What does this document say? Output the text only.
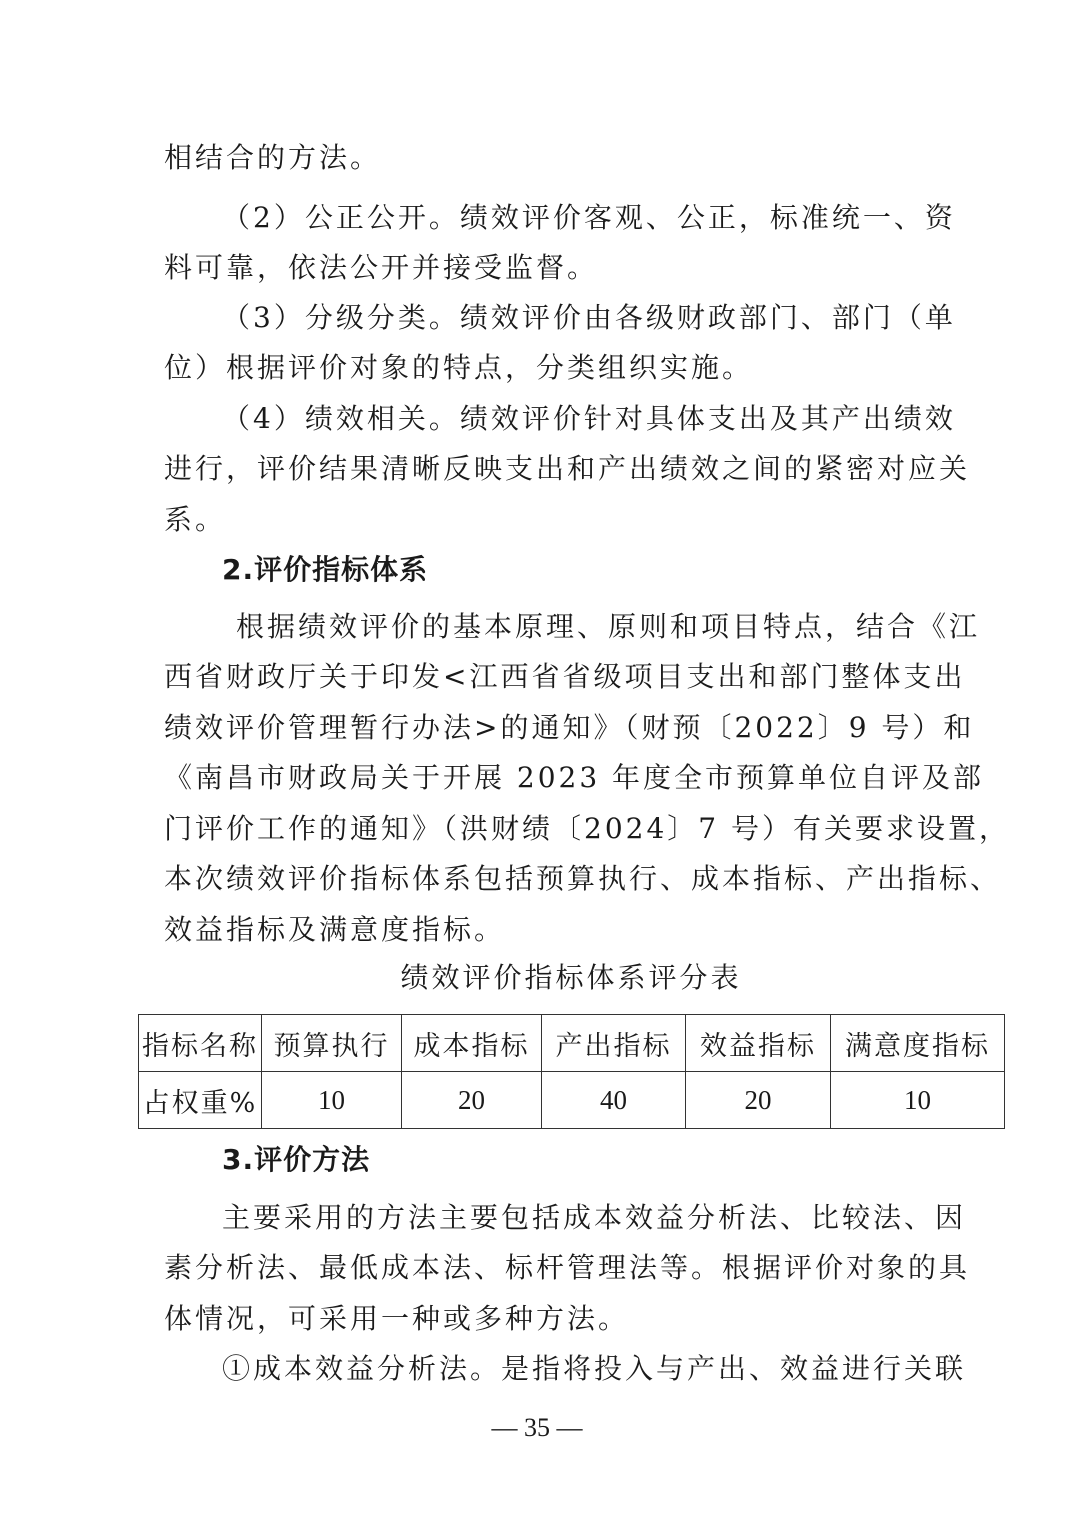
相结合的方法。
（2）公正公开。绩效评价客观、公正，标准统一、资
料可靠，依法公开并接受监督。
（3）分级分类。绩效评价由各级财政部门、部门（单
位）根据评价对象的特点，分类组织实施。
（4）绩效相关。绩效评价针对具体支出及其产出绩效
进行，评价结果清晰反映支出和产出绩效之间的紧密对应关
系。
2.评价指标体系
根据绩效评价的基本原理、原则和项目特点，结合《江
西省财政厅关于印发<江西省省级项目支出和部门整体支出
绩效评价管理暂行办法>的通知》（财预〔2022〕9 号）和
《南昌市财政局关于开展 2023 年度全市预算单位自评及部
门评价工作的通知》（洪财绩〔2024〕7 号）有关要求设置，
本次绩效评价指标体系包括预算执行、成本指标、产出指标、
效益指标及满意度指标。
绩效评价指标体系评分表
指标名称	预算执行	成本指标	产出指标	效益指标	满意度指标
占权重%	10	20	40	20	10
3.评价方法
主要采用的方法主要包括成本效益分析法、比较法、因
素分析法、最低成本法、标杆管理法等。根据评价对象的具
体情况，可采用一种或多种方法。
①成本效益分析法。是指将投入与产出、效益进行关联
— 35 —
